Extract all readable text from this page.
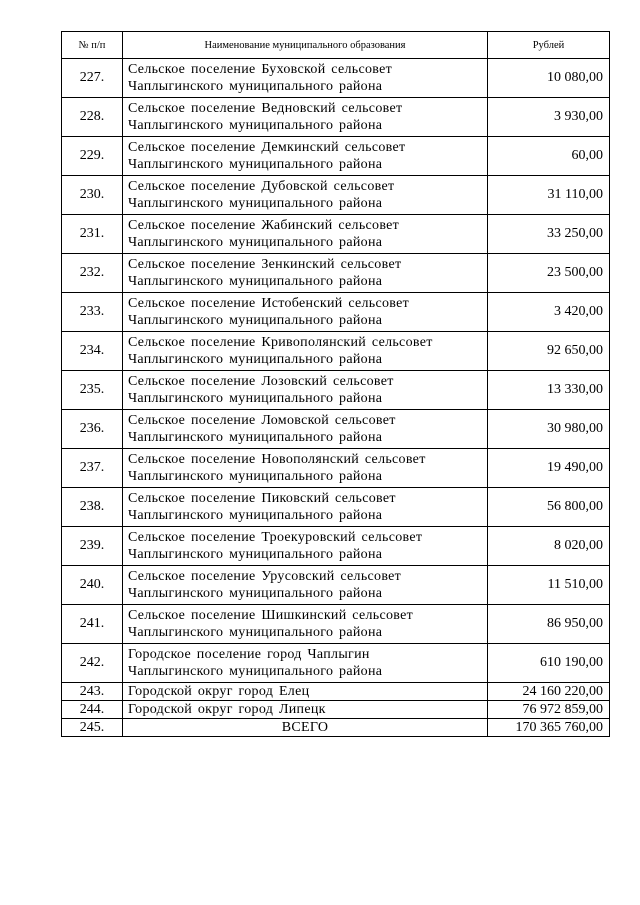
№ п/п	Наименование муниципального образования	Рублей
227.	Сельское поселение Буховской сельсовет
Чаплыгинского муниципального района	10 080,00
228.	Сельское поселение Ведновский сельсовет
Чаплыгинского муниципального района	3 930,00
229.	Сельское поселение Демкинский сельсовет
Чаплыгинского муниципального района	60,00
230.	Сельское поселение Дубовской сельсовет
Чаплыгинского муниципального района	31 110,00
231.	Сельское поселение Жабинский сельсовет
Чаплыгинского муниципального района	33 250,00
232.	Сельское поселение Зенкинский сельсовет
Чаплыгинского муниципального района	23 500,00
233.	Сельское поселение Истобенский сельсовет
Чаплыгинского муниципального района	3 420,00
234.	Сельское поселение Кривополянский сельсовет
Чаплыгинского муниципального района	92 650,00
235.	Сельское поселение Лозовский сельсовет
Чаплыгинского муниципального района	13 330,00
236.	Сельское поселение Ломовской сельсовет
Чаплыгинского муниципального района	30 980,00
237.	Сельское поселение Новополянский сельсовет
Чаплыгинского муниципального района	19 490,00
238.	Сельское поселение Пиковский сельсовет
Чаплыгинского муниципального района	56 800,00
239.	Сельское поселение Троекуровский сельсовет
Чаплыгинского муниципального района	8 020,00
240.	Сельское поселение Урусовский сельсовет
Чаплыгинского муниципального района	11 510,00
241.	Сельское поселение Шишкинский сельсовет
Чаплыгинского муниципального района	86 950,00
242.	Городское поселение город Чаплыгин
Чаплыгинского муниципального района	610 190,00
243.	Городской округ город Елец	24 160 220,00
244.	Городской округ город Липецк	76 972 859,00
245.	ВСЕГО	170 365 760,00
